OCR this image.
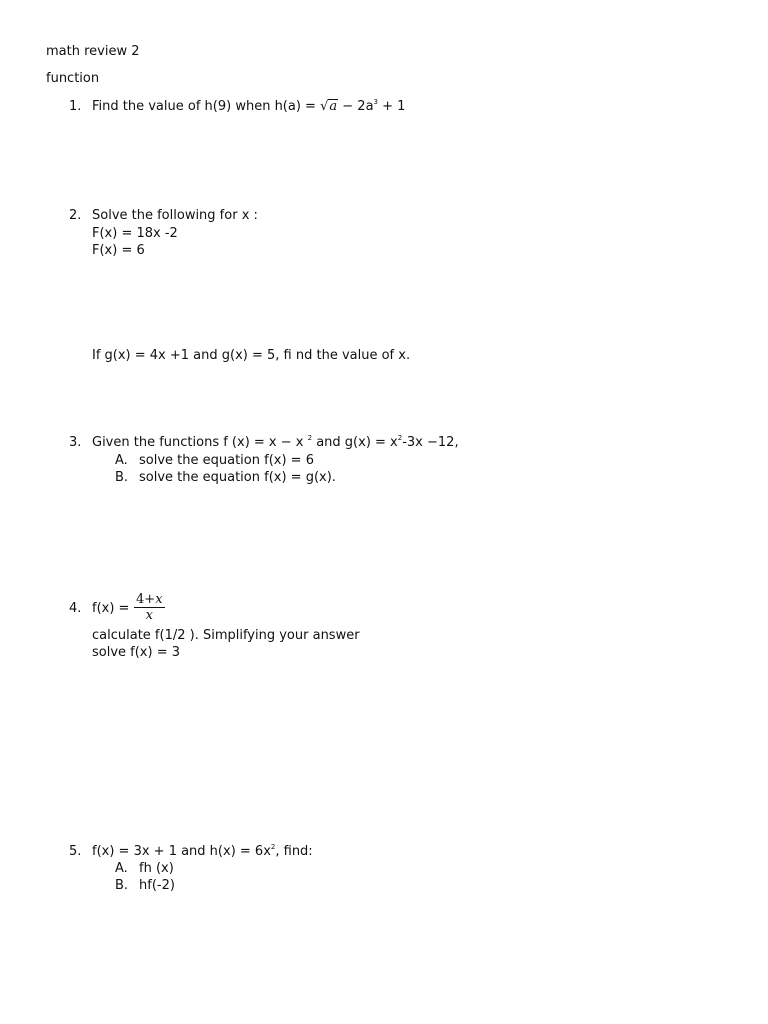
math review 2
function
1. Find the value of h(9) when $h(a) = √a - 2a^3 + 1$
2. Solve the following for x :
F(x) = 18x -2
F(x) = 6
If g(x) = 4x +1 and g(x) = 5, fi nd the value of x.
3. Given the functions f (x) = x − x $^2$ and $g(x) = x^2-3x -12$,
A. solve the equation f(x) = 6
B. solve the equation f(x) = g(x).
4. f(x) =
4+x
x
calculate f(1/2 ). Simplifying your answer
solve f(x) = 3
5. f(x) = 3x + 1 and $h(x) = 6x^2$, find:
A. fh (x)
B. hf(-2)
